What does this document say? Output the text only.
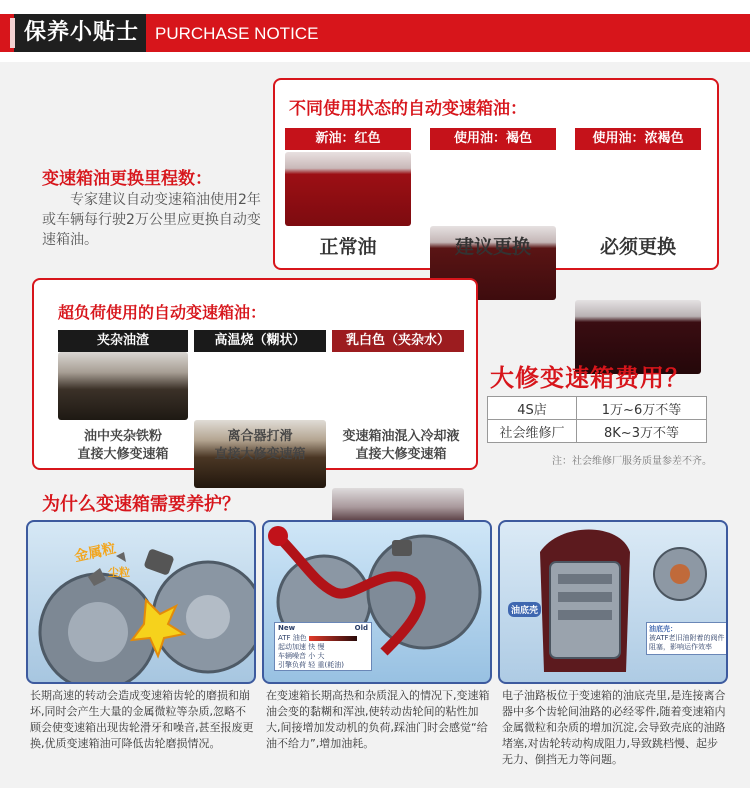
保养小贴士 PURCHASE NOTICE
变速箱油更换里程数：
专家建议自动变速箱油使用2年或车辆每行驶2万公里应更换自动变速箱油。
不同使用状态的自动变速箱油：
新油：红色	使用油：褐色	使用油：浓褐色
正常油	建议更换	必须更换
超负荷使用的自动变速箱油：
夹杂油渣	高温烧（糊状）	乳白色（夹杂水）
油中夹杂铁粉
直接大修变速箱
离合器打滑
直接大修变速箱
变速箱油混入冷却液
直接大修变速箱
大修变速箱费用？
4S店	1万~6万不等
社会维修厂	8K~3万不等
注：社会维修厂服务质量参差不齐。
为什么变速箱需要养护？
金属粒
尘粒
New	Old
ATF 油色
起动加速 快 慢
车辆噪音 小 大
引擎负荷 轻 重(耗油)
油底壳
油底壳：
被ATF老旧油附着的阀件阻塞，影响运作效率
长期高速的转动会造成变速箱齿轮的磨损和崩坏,同时会产生大量的金属微粒等杂质,忽略不顾会使变速箱出现齿轮滑牙和噪音,甚至报废更换,优质变速箱油可降低齿轮磨损情况。
在变速箱长期高热和杂质混入的情况下,变速箱油会变的黏糊和浑浊,使转动齿轮间的粘性加大,间接增加发动机的负荷,踩油门时会感觉“给油不给力”,增加油耗。
电子油路板位于变速箱的油底壳里,是连接离合器中多个齿轮间油路的必经零件,随着变速箱内金属微粒和杂质的增加沉淀,会导致壳底的油路堵塞,对齿轮转动构成阻力,导致跳档慢、起步无力、倒挡无力等问题。
